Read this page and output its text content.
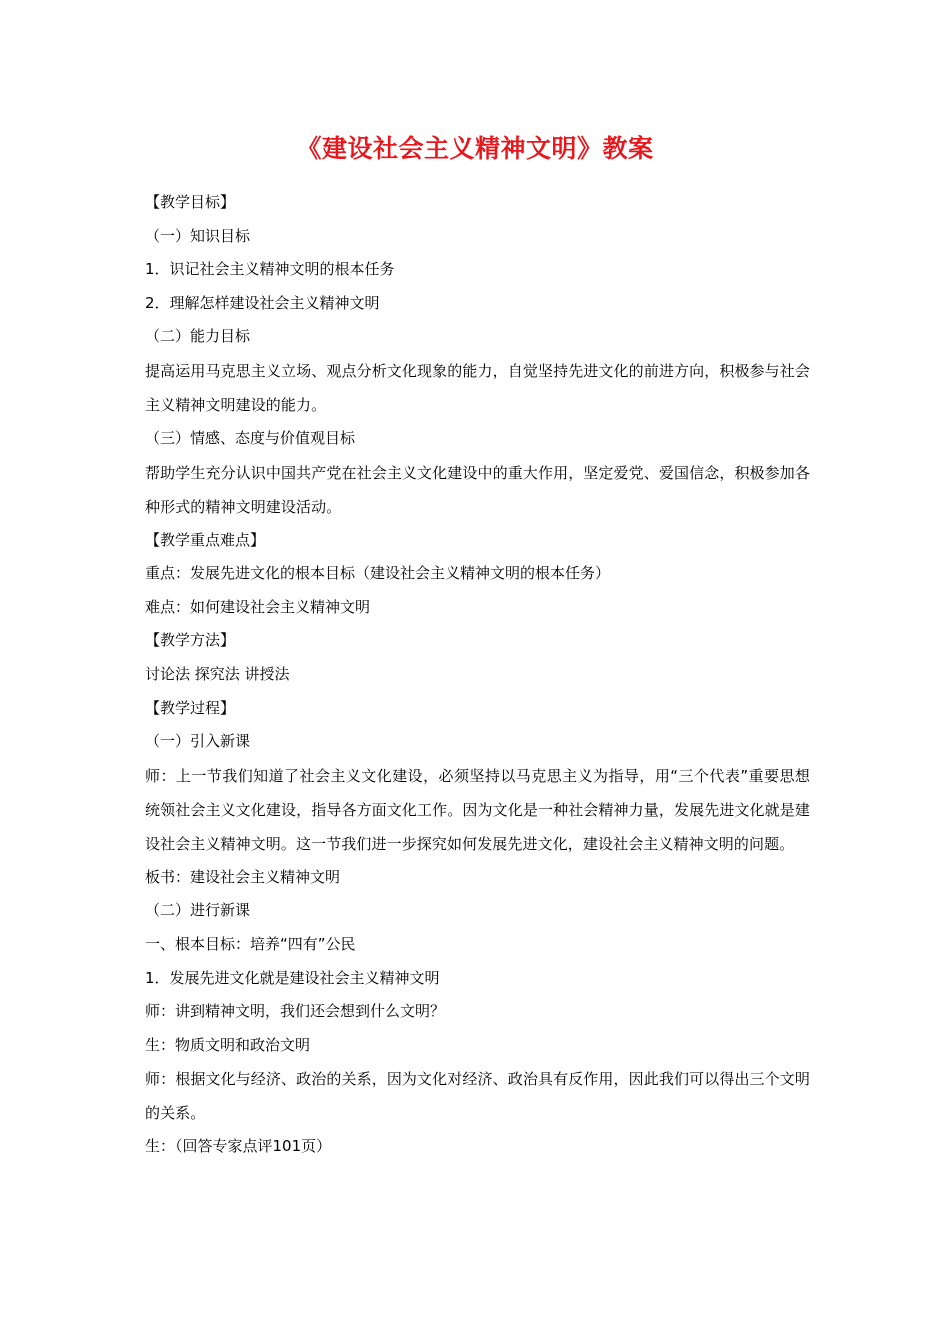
《建设社会主义精神文明》教案
【教学目标】
（一）知识目标
1．识记社会主义精神文明的根本任务
2．理解怎样建设社会主义精神文明
（二）能力目标
提高运用马克思主义立场、观点分析文化现象的能力，自觉坚持先进文化的前进方向，积极参与社会主义精神文明建设的能力。
（三）情感、态度与价值观目标
帮助学生充分认识中国共产党在社会主义文化建设中的重大作用，坚定爱党、爱国信念，积极参加各种形式的精神文明建设活动。
【教学重点难点】
重点：发展先进文化的根本目标（建设社会主义精神文明的根本任务）
难点：如何建设社会主义精神文明
【教学方法】
讨论法 探究法 讲授法
【教学过程】
（一）引入新课
师：上一节我们知道了社会主义文化建设，必须坚持以马克思主义为指导，用“三个代表”重要思想统领社会主义文化建设，指导各方面文化工作。因为文化是一种社会精神力量，发展先进文化就是建设社会主义精神文明。这一节我们进一步探究如何发展先进文化，建设社会主义精神文明的问题。
板书：建设社会主义精神文明
（二）进行新课
一、根本目标：培养“四有”公民
1．发展先进文化就是建设社会主义精神文明
师：讲到精神文明，我们还会想到什么文明？
生：物质文明和政治文明
师：根据文化与经济、政治的关系，因为文化对经济、政治具有反作用，因此我们可以得出三个文明的关系。
生：（回答专家点评101页）
